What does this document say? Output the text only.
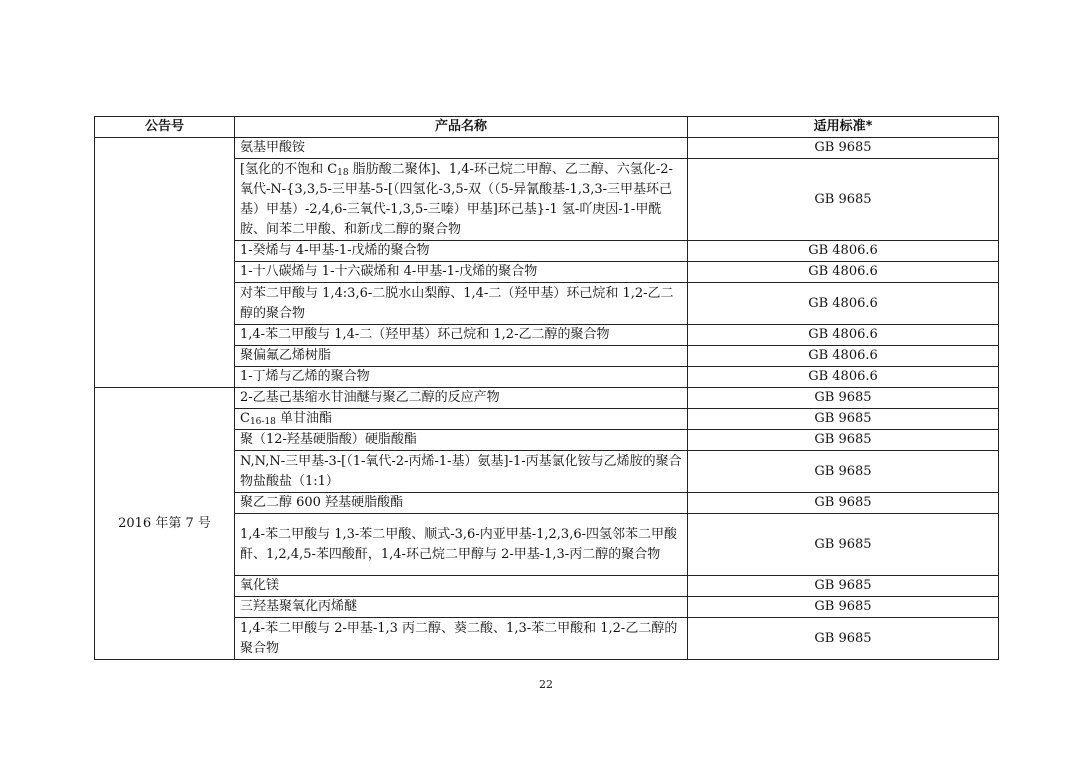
公告号	产品名称	适用标准*
	氨基甲酸铵	GB 9685
	[氢化的不饱和 $C_{18}$ 脂肪酸二聚体]、1,4-环己烷二甲醇、乙二醇、六氢化-2-氧代-N-{3,3,5-三甲基-5-[（四氢化-3,5-双（（5-异氰酸基-1,3,3-三甲基环己基）甲基）-2,4,6-三氧代-1,3,5-三嗪）甲基]环己基}-1 氢-吖庚因-1-甲酰胺、间苯二甲酸、和新戊二醇的聚合物	GB 9685
	1-癸烯与 4-甲基-1-戊烯的聚合物	GB 4806.6
	1-十八碳烯与 1-十六碳烯和 4-甲基-1-戊烯的聚合物	GB 4806.6
	对苯二甲酸与 1,4:3,6-二脱水山梨醇、1,4-二（羟甲基）环己烷和 1,2-乙二醇的聚合物	GB 4806.6
	1,4-苯二甲酸与 1,4-二（羟甲基）环己烷和 1,2-乙二醇的聚合物	GB 4806.6
	聚偏氟乙烯树脂	GB 4806.6
	1-丁烯与乙烯的聚合物	GB 4806.6
2016 年第 7 号	2-乙基己基缩水甘油醚与聚乙二醇的反应产物	GB 9685
	$C_{16-18}$ 单甘油酯	GB 9685
	聚（12-羟基硬脂酸）硬脂酸酯	GB 9685
	N,N,N-三甲基-3-[（1-氧代-2-丙烯-1-基）氨基]-1-丙基氯化铵与乙烯胺的聚合物盐酸盐（1:1）	GB 9685
	聚乙二醇 600 羟基硬脂酸酯	GB 9685
	1,4-苯二甲酸与 1,3-苯二甲酸、顺式-3,6-内亚甲基-1,2,3,6-四氢邻苯二甲酸酐、1,2,4,5-苯四酸酐，1,4-环己烷二甲醇与 2-甲基-1,3-丙二醇的聚合物	GB 9685
	氧化镁	GB 9685
	三羟基聚氧化丙烯醚	GB 9685
	1,4-苯二甲酸与 2-甲基-1,3 丙二醇、葵二酸、1,3-苯二甲酸和 1,2-乙二醇的聚合物	GB 9685
22
